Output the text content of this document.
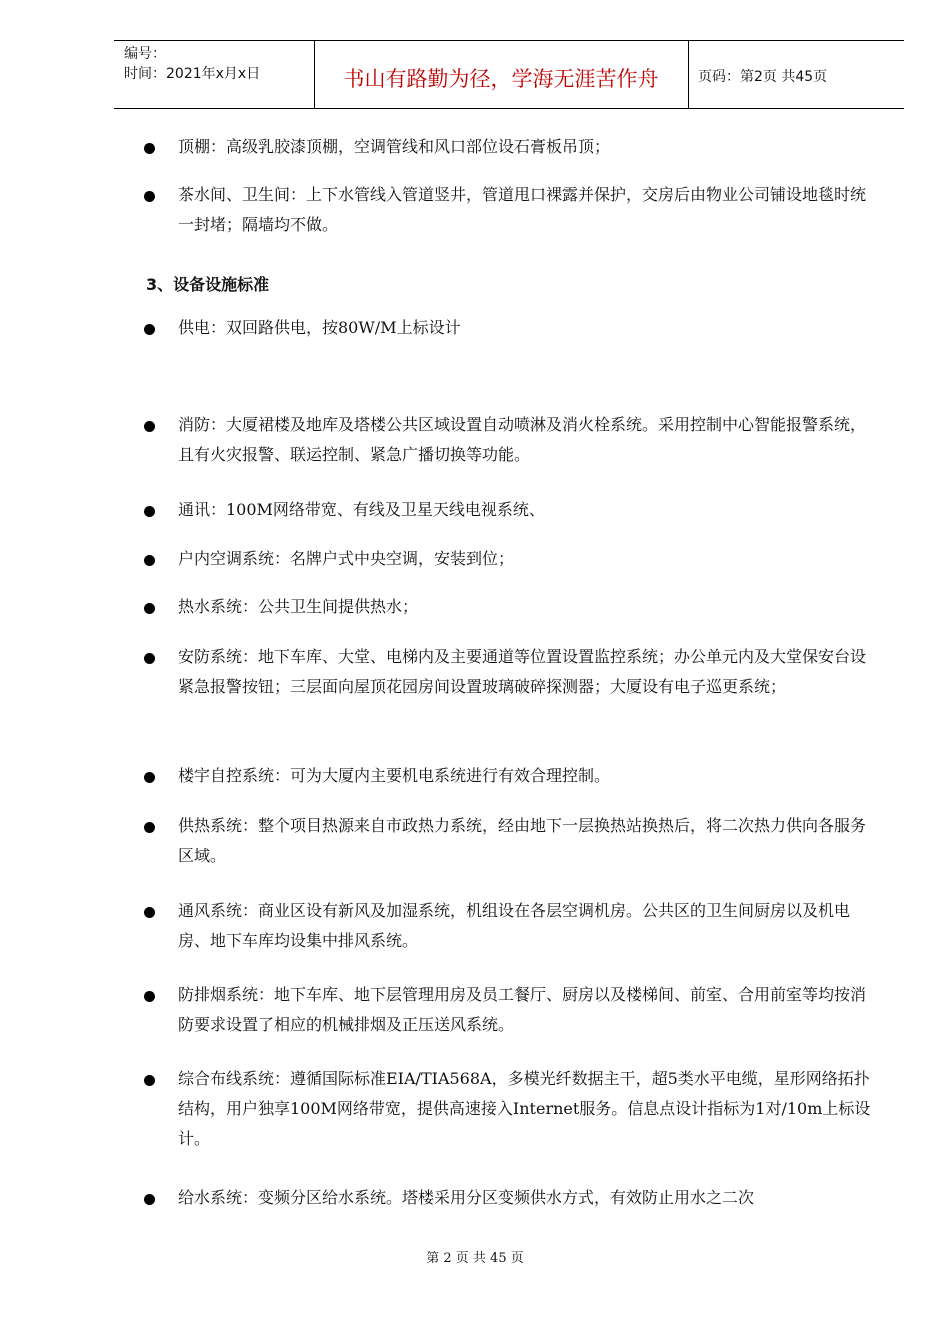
编号：
时间：2021年x月x日	书山有路勤为径，学海无涯苦作舟	页码：第2页 共45页
顶棚：高级乳胶漆顶棚，空调管线和风口部位设石膏板吊顶；
茶水间、卫生间：上下水管线入管道竖井，管道甩口裸露并保护，交房后由物业公司铺设地毯时统一封堵；隔墙均不做。
3、设备设施标准
供电：双回路供电，按80W/M上标设计
消防：大厦裙楼及地库及塔楼公共区域设置自动喷淋及消火栓系统。采用控制中心智能报警系统，且有火灾报警、联运控制、紧急广播切换等功能。
通讯：100M网络带宽、有线及卫星天线电视系统、
户内空调系统：名牌户式中央空调，安装到位；
热水系统：公共卫生间提供热水；
安防系统：地下车库、大堂、电梯内及主要通道等位置设置监控系统；办公单元内及大堂保安台设紧急报警按钮；三层面向屋顶花园房间设置玻璃破碎探测器；大厦设有电子巡更系统；
楼宇自控系统：可为大厦内主要机电系统进行有效合理控制。
供热系统：整个项目热源来自市政热力系统，经由地下一层换热站换热后，将二次热力供向各服务区域。
通风系统：商业区设有新风及加湿系统，机组设在各层空调机房。公共区的卫生间厨房以及机电房、地下车库均设集中排风系统。
防排烟系统：地下车库、地下层管理用房及员工餐厅、厨房以及楼梯间、前室、合用前室等均按消防要求设置了相应的机械排烟及正压送风系统。
综合布线系统：遵循国际标准EIA/TIA568A，多模光纤数据主干，超5类水平电缆，星形网络拓扑结构，用户独享100M网络带宽，提供高速接入Internet服务。信息点设计指标为1对/10m上标设计。
给水系统：变频分区给水系统。塔楼采用分区变频供水方式，有效防止用水之二次
第 2 页 共 45 页
